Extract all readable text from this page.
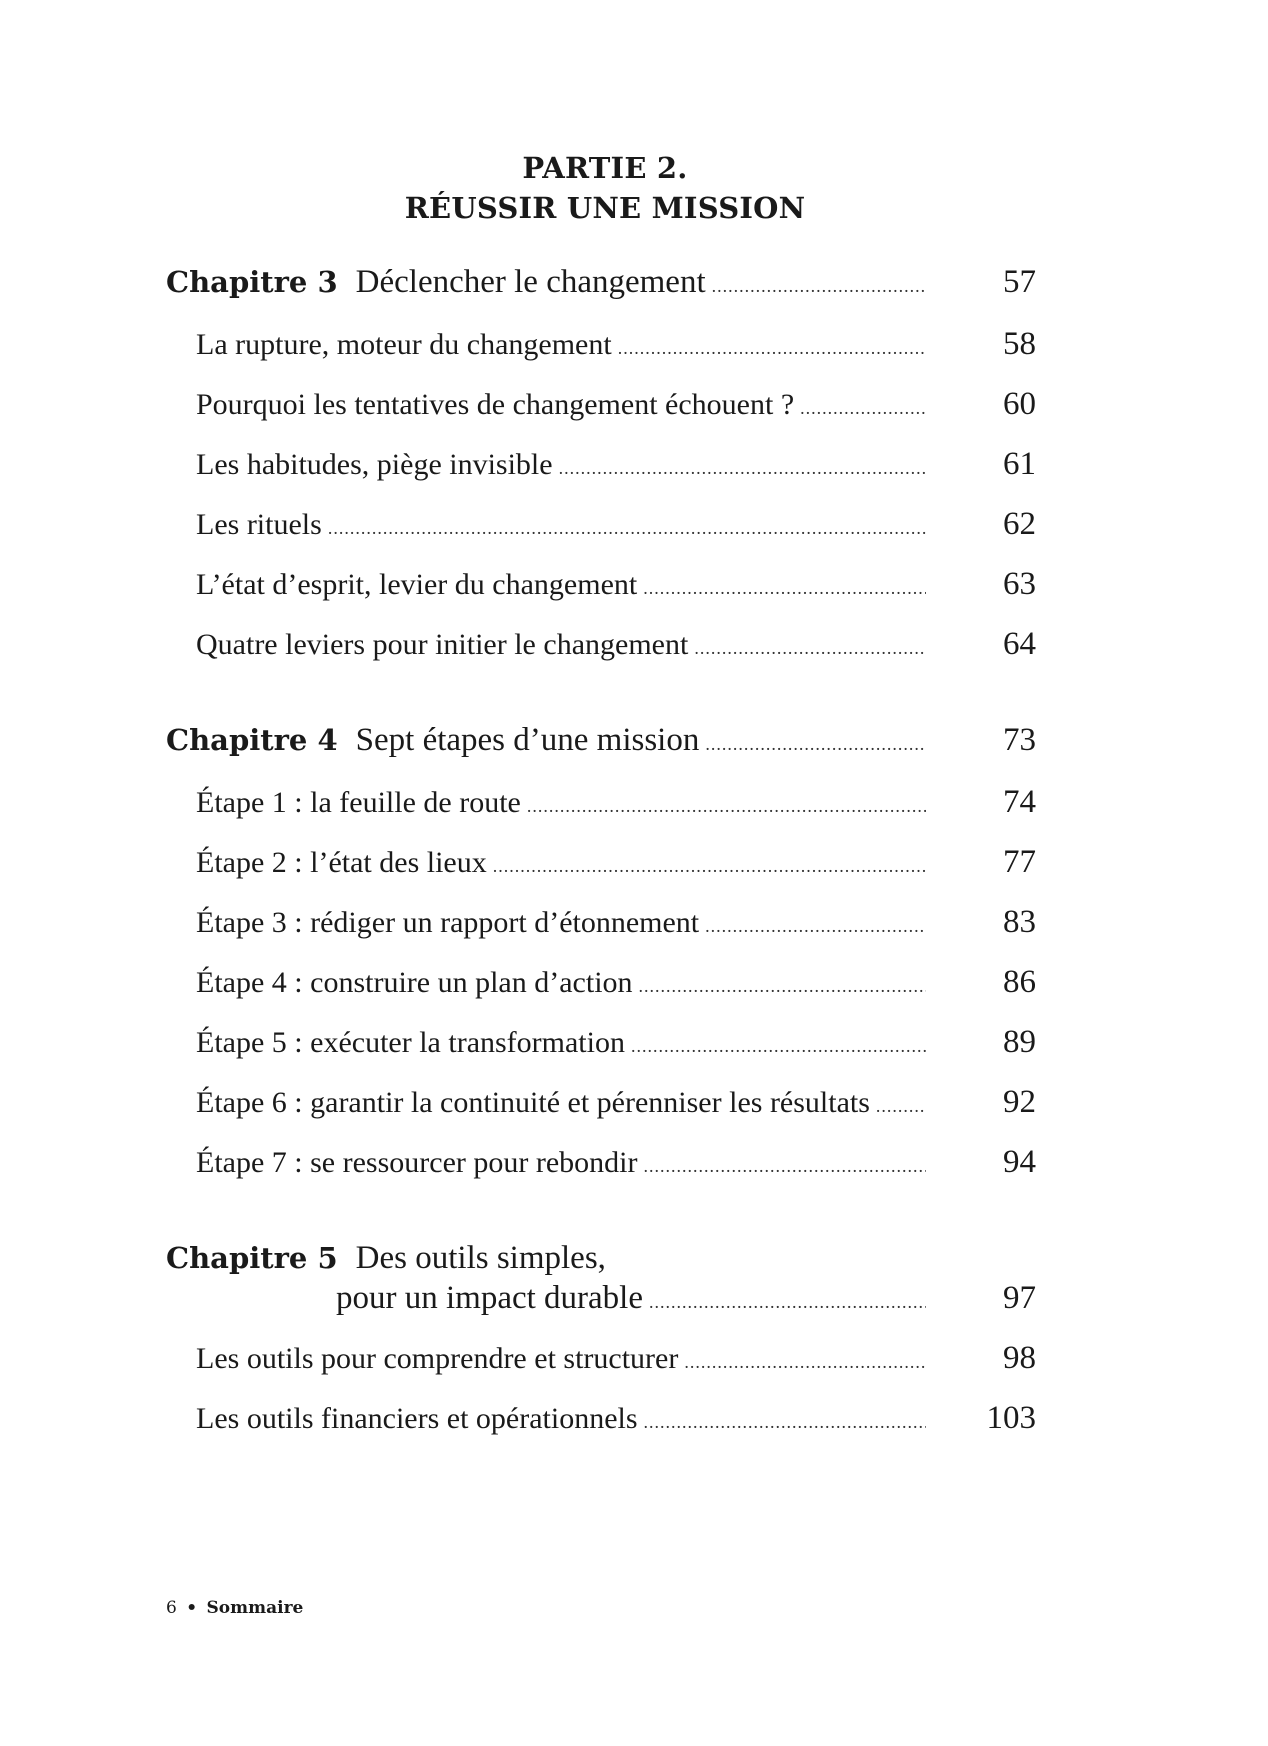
PARTIE 2.
RÉUSSIR UNE MISSION
Chapitre 3 Déclencher le changement .....	57
La rupture, moteur du changement .....	58
Pourquoi les tentatives de changement échouent ? .....	60
Les habitudes, piège invisible .....	61
Les rituels .....	62
L’état d’esprit, levier du changement .....	63
Quatre leviers pour initier le changement .....	64
Chapitre 4 Sept étapes d’une mission .....	73
Étape 1 : la feuille de route .....	74
Étape 2 : l’état des lieux .....	77
Étape 3 : rédiger un rapport d’étonnement .....	83
Étape 4 : construire un plan d’action .....	86
Étape 5 : exécuter la transformation .....	89
Étape 6 : garantir la continuité et pérenniser les résultats .....	92
Étape 7 : se ressourcer pour rebondir .....	94
Chapitre 5 Des outils simples,
pour un impact durable .....	97
Les outils pour comprendre et structurer .....	98
Les outils financiers et opérationnels .....	103
6 • Sommaire
